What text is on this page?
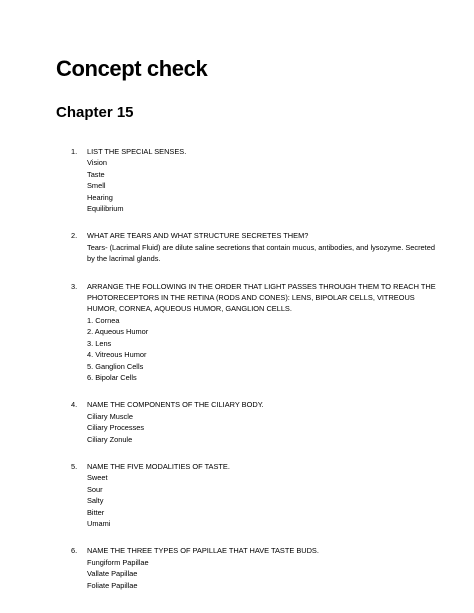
Concept check
Chapter 15
1. LIST THE SPECIAL SENSES.
Vision
Taste
Smell
Hearing
Equilibrium
2. WHAT ARE TEARS AND WHAT STRUCTURE SECRETES THEM?
Tears- (Lacrimal Fluid) are dilute saline secretions that contain mucus, antibodies, and lysozyme. Secreted by the lacrimal glands.
3. ARRANGE THE FOLLOWING IN THE ORDER THAT LIGHT PASSES THROUGH THEM TO REACH THE PHOTORECEPTORS IN THE RETINA (RODS AND CONES): LENS, BIPOLAR CELLS, VITREOUS HUMOR, CORNEA, AQUEOUS HUMOR, GANGLION CELLS.
1. Cornea
2. Aqueous Humor
3. Lens
4. Vitreous Humor
5. Ganglion Cells
6. Bipolar Cells
4. NAME THE COMPONENTS OF THE CILIARY BODY.
Ciliary Muscle
Ciliary Processes
Ciliary Zonule
5. NAME THE FIVE MODALITIES OF TASTE.
Sweet
Sour
Salty
Bitter
Umami
6. NAME THE THREE TYPES OF PAPILLAE THAT HAVE TASTE BUDS.
Fungiform Papillae
Vallate Papillae
Foliate Papillae
